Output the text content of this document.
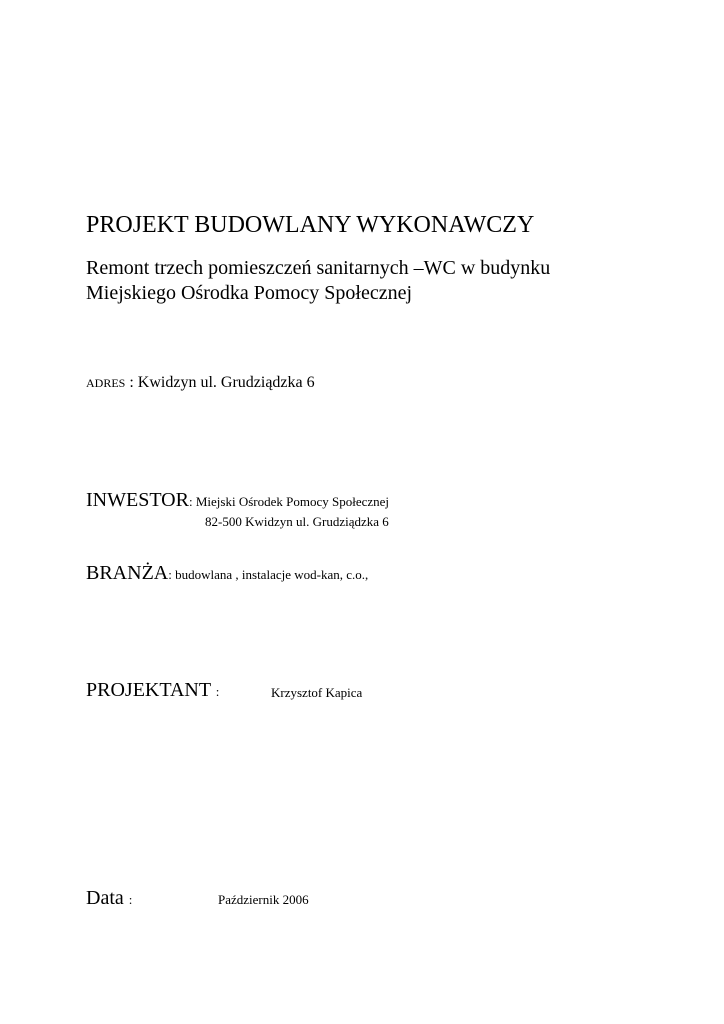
PROJEKT BUDOWLANY WYKONAWCZY
Remont trzech pomieszczeń sanitarnych –WC w budynku
Miejskiego Ośrodka Pomocy Społecznej
ADRES : Kwidzyn ul. Grudziądzka 6
INWESTOR: Miejski Ośrodek Pomocy Społecznej
82-500 Kwidzyn ul. Grudziądzka 6
BRANŻA: budowlana , instalacje wod-kan, c.o.,
PROJEKTANT :	Krzysztof Kapica
Data :	Październik 2006
